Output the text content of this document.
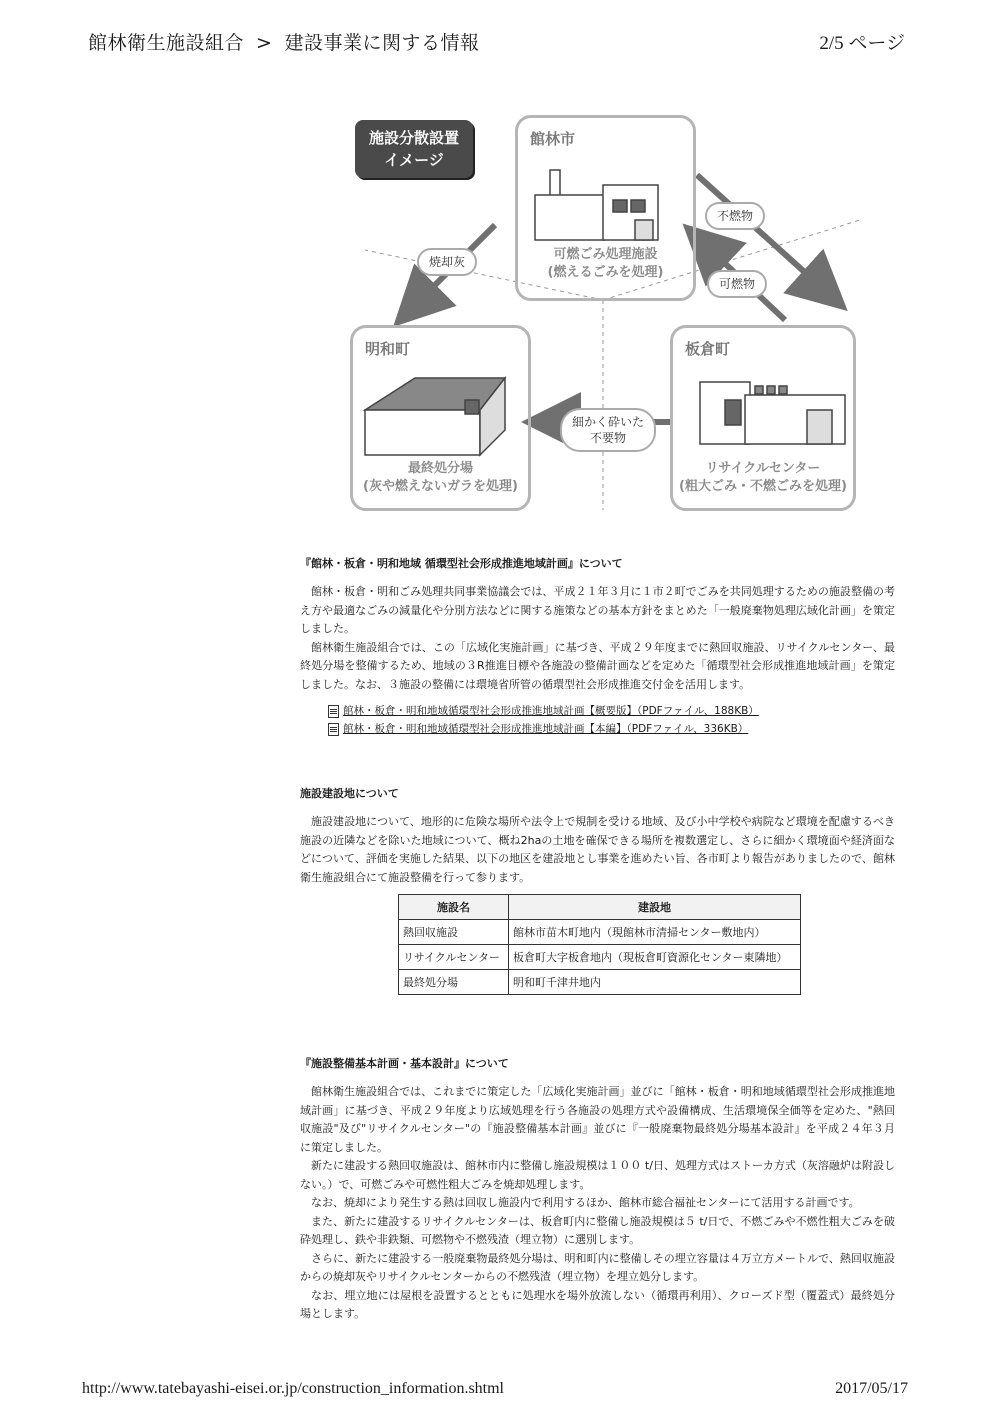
館林衛生施設組合 > 建設事業に関する情報	2/5 ページ
施設分散設置
イメージ
館林市
可燃ごみ処理施設
(燃えるごみを処理)
明和町
最終処分場
(灰や燃えないガラを処理)
板倉町
リサイクルセンター
(粗大ごみ・不燃ごみを処理)
焼却灰
不燃物
可燃物
細かく砕いた
不要物
『館林・板倉・明和地域 循環型社会形成推進地域計画』について

館林・板倉・明和ごみ処理共同事業協議会では、平成２１年３月に１市２町でごみを共同処理するための施設整備の考え方や最適なごみの減量化や分別方法などに関する施策などの基本方針をまとめた「一般廃棄物処理広域化計画」を策定しました。

館林衛生施設組合では、この「広域化実施計画」に基づき、平成２９年度までに熱回収施設、リサイクルセンター、最終処分場を整備するため、地域の３R推進目標や各施設の整備計画などを定めた「循環型社会形成推進地域計画」を策定しました。なお、３施設の整備には環境省所管の循環型社会形成推進交付金を活用します。

館林・板倉・明和地域循環型社会形成推進地域計画【概要版】（PDFファイル、188KB）
館林・板倉・明和地域循環型社会形成推進地域計画【本編】（PDFファイル、336KB）
施設建設地について

施設建設地について、地形的に危険な場所や法令上で規制を受ける地域、及び小中学校や病院など環境を配慮するべき施設の近隣などを除いた地域について、概ね2haの土地を確保できる場所を複数選定し、さらに細かく環境面や経済面などについて、評価を実施した結果、以下の地区を建設地とし事業を進めたい旨、各市町より報告がありましたので、館林衛生施設組合にて施設整備を行って参ります。

施設名	建設地
熱回収施設	館林市苗木町地内（現館林市清掃センター敷地内）
リサイクルセンター	板倉町大字板倉地内（現板倉町資源化センター東隣地）
最終処分場	明和町千津井地内
『施設整備基本計画・基本設計』について

館林衛生施設組合では、これまでに策定した「広域化実施計画」並びに「館林・板倉・明和地域循環型社会形成推進地域計画」に基づき、平成２９年度より広域処理を行う各施設の処理方式や設備構成、生活環境保全価等を定めた、"熱回収施設"及び"リサイクルセンター"の『施設整備基本計画』並びに『一般廃棄物最終処分場基本設計』を平成２４年３月に策定しました。

新たに建設する熱回収施設は、館林市内に整備し施設規模は１００ t/日、処理方式はストーカ方式（灰溶融炉は附設しない。）で、可燃ごみや可燃性粗大ごみを焼却処理します。

なお、焼却により発生する熱は回収し施設内で利用するほか、館林市総合福祉センターにて活用する計画です。

また、新たに建設するリサイクルセンターは、板倉町内に整備し施設規模は５ t/日で、不燃ごみや不燃性粗大ごみを破砕処理し、鉄や非鉄類、可燃物や不燃残渣（埋立物）に選別します。

さらに、新たに建設する一般廃棄物最終処分場は、明和町内に整備しその埋立容量は４万立方メートルで、熱回収施設からの焼却灰やリサイクルセンターからの不燃残渣（埋立物）を埋立処分します。

なお、埋立地には屋根を設置するとともに処理水を場外放流しない（循環再利用）、クローズド型（覆蓋式）最終処分場とします。

http://www.tatebayashi-eisei.or.jp/construction_information.shtml	2017/05/17
